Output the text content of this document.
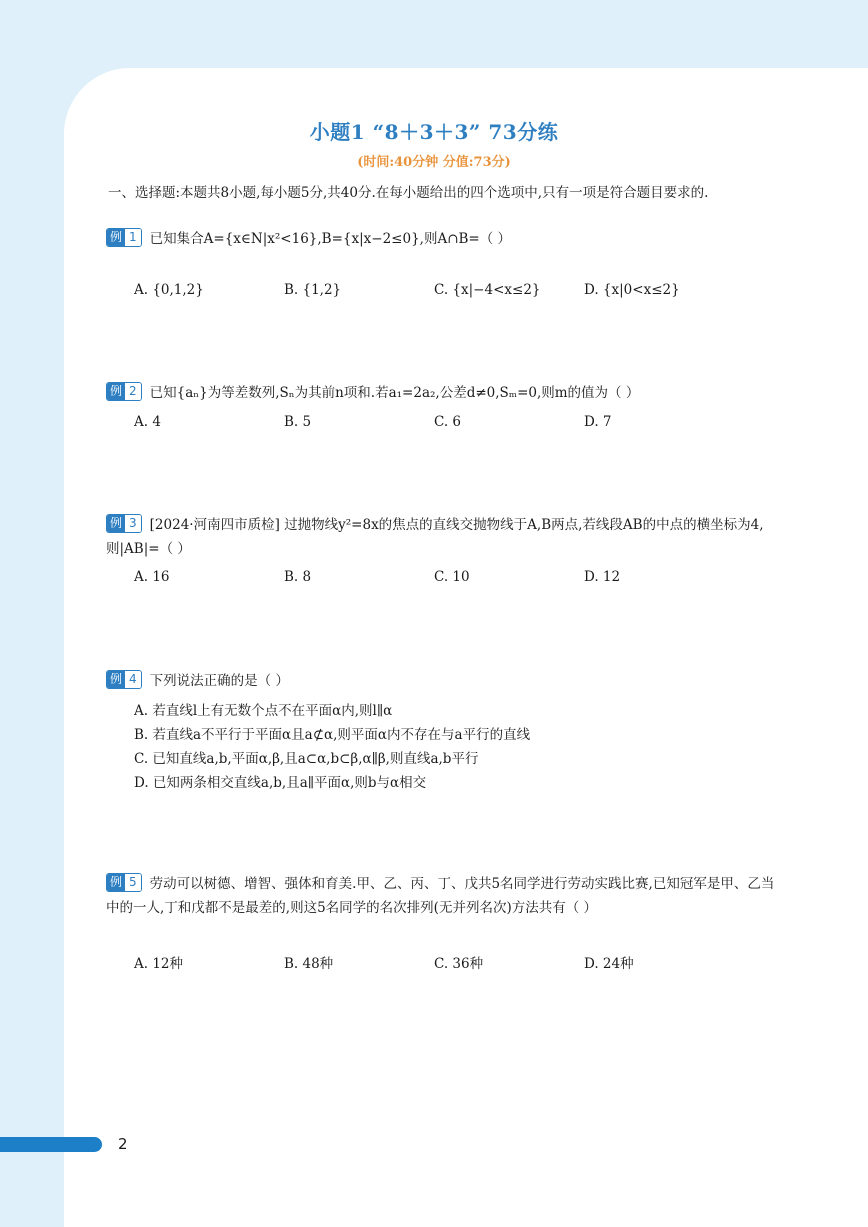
小题1 “8＋3＋3” 73分练
(时间:40分钟 分值:73分)
一、选择题:本题共8小题,每小题5分,共40分.在每小题给出的四个选项中,只有一项是符合题目要求的.
例 1 已知集合A={x∈N|x²<16},B={x|x−2≤0},则A∩B=（ ）
A. {0,1,2}	B. {1,2}	C. {x|−4<x≤2}	D. {x|0<x≤2}
例 2 已知{aₙ}为等差数列,Sₙ为其前n项和.若a₁=2a₂,公差d≠0,Sₘ=0,则m的值为（ ）
A. 4	B. 5	C. 6	D. 7
例 3 [2024·河南四市质检] 过抛物线y²=8x的焦点的直线交抛物线于A,B两点,若线段AB的中点的横坐标为4,则|AB|=（ ）
A. 16	B. 8	C. 10	D. 12
例 4 下列说法正确的是（ ）
A. 若直线l上有无数个点不在平面α内,则l∥α
B. 若直线a不平行于平面α且a⊄α,则平面α内不存在与a平行的直线
C. 已知直线a,b,平面α,β,且a⊂α,b⊂β,α∥β,则直线a,b平行
D. 已知两条相交直线a,b,且a∥平面α,则b与α相交
例 5 劳动可以树德、增智、强体和育美.甲、乙、丙、丁、戊共5名同学进行劳动实践比赛,已知冠军是甲、乙当中的一人,丁和戊都不是最差的,则这5名同学的名次排列(无并列名次)方法共有（ ）
A. 12种	B. 48种	C. 36种	D. 24种
2
